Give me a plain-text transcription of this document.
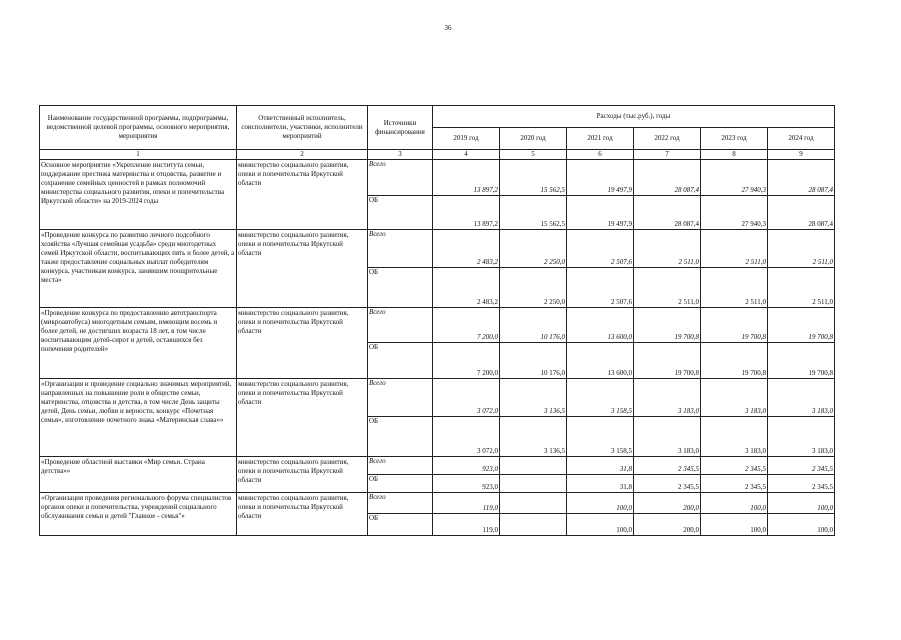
36
Наименование государственной программы, подпрограммы, ведомственной целевой программы, основного мероприятия, мероприятия	Ответственный исполнитель, соисполнители, участники, исполнители мероприятий	Источники финансирования	Расходы (тыс.руб.), годы					
			2019 год	2020 год	2021 год	2022 год	2023 год	2024 год
1	2	3	4	5	6	7	8	9
Основное мероприятие «Укрепление института семьи, поддержание престижа материнства и отцовства, развитие и сохранение семейных ценностей в рамках полномочий министерства социального развития, опеки и попечительства Иркутской области» на 2019-2024 годы	министерство социального развития, опеки и попечительства Иркутской области	Всего	13 897,2	15 562,5	19 497,9	28 087,4	27 940,3	28 087,4
		ОБ	13 897,2	15 562,5	19 497,9	28 087,4	27 940,3	28 087,4
«Проведение конкурса по развитию личного подсобного хозяйства «Лучшая семейная усадьба» среди многодетных семей Иркутской области, воспитывающих пять и более детей, а также предоставление социальных выплат победителям конкурса, участникам конкурса, занявшим поощрительные места»	министерство социального развития, опеки и попечительства Иркутской области	Всего	2 483,2	2 250,0	2 507,6	2 511,0	2 511,0	2 511,0
		ОБ	2 483,2	2 250,0	2 507,6	2 511,0	2 511,0	2 511,0
«Проведение конкурса по предоставлению автотранспорта (микроавтобуса) многодетным семьям, имеющим восемь и более детей, не достигших возраста 18 лет, в том числе воспитывающим детей-сирот и детей, оставшихся без попечения родителей»	министерство социального развития, опеки и попечительства Иркутской области	Всего	7 200,0	10 176,0	13 600,0	19 700,8	19 700,8	19 700,8
		ОБ	7 200,0	10 176,0	13 600,0	19 700,8	19 700,8	19 700,8
«Организация и проведение социально значимых мероприятий, направленных на повышение роли в обществе семьи, материнства, отцовства и детства, в том числе День защиты детей, День семьи, любви и верности, конкурс «Почетная семья», изготовление почетного знака «Материнская слава»»	министерство социального развития, опеки и попечительства Иркутской области	Всего	3 072,0	3 136,5	3 158,5	3 183,0	3 183,0	3 183,0
		ОБ	3 072,0	3 136,5	3 158,5	3 183,0	3 183,0	3 183,0
«Проведение областной выставки «Мир семьи. Страна детства»»	министерство социального развития, опеки и попечительства Иркутской области	Всего	923,0		31,8	2 345,5	2 345,5	2 345,5
		ОБ	923,0		31,8	2 345,5	2 345,5	2 345,5
«Организация проведения регионального форума специалистов органов опеки и попечительства, учреждений социального обслуживания семьи и детей "Главное - семья"»	министерство социального развития, опеки и попечительства Иркутской области	Всего	119,0		100,0	200,0	100,0	100,0
		ОБ	119,0		100,0	200,0	100,0	100,0
